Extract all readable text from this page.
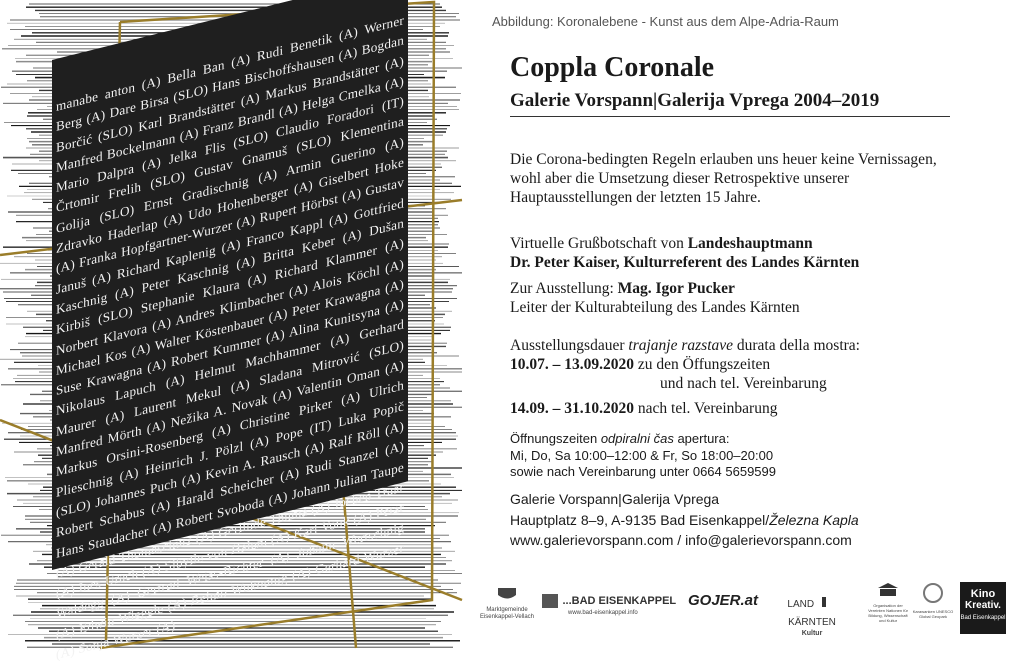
manabe anton (A) Bella Ban (A) Rudi Benetik (A) Werner Berg (A) Dare Birsa (SLO) Hans Bischoffshausen (A) Bogdan Borčić (SLO) Karl Brandstätter (A) Markus Brandstätter (A) Manfred Bockelmann (A) Franz Brandl (A) Helga Cmelka (A) Mario Dalpra (A) Jelka Flis (SLO) Claudio Foradori (IT) Črtomir Frelih (SLO) Gustav Gnamuš (SLO) Klementina Golija (SLO) Ernst Gradischnig (A) Armin Guerino (A) Zdravko Haderlap (A) Udo Hohenberger (A) Giselbert Hoke (A) Franka Hopfgartner-Wurzer (A) Rupert Hörbst (A) Gustav Januš (A) Richard Kaplenig (A) Franco Kappl (A) Gottfried Kaschnig (A) Peter Kaschnig (A) Britta Keber (A) Dušan Kirbiš (SLO) Stephanie Klaura (A) Richard Klammer (A) Norbert Klavora (A) Andres Klimbacher (A) Alois Köchl (A) Michael Kos (A) Walter Köstenbauer (A) Peter Krawagna (A) Suse Krawagna (A) Robert Kummer (A) Alina Kunitsyna (A) Nikolaus Lapuch (A) Helmut Machhammer (A) Gerhard Maurer (A) Laurent Mekul (A) Sladana Mitrović (SLO) Manfred Mörth (A) Nežika A. Novak (A) Valentin Oman (A) Markus Orsini-Rosenberg (A) Christine Pirker (A) Ulrich Plieschnig (A) Heinrich J. Pölzl (A) Pope (IT) Luka Popič (SLO) Johannes Puch (A) Kevin A. Rausch (A) Ralf Röll (A) Robert Schabus (A) Harald Scheicher (A) Rudi Stanzel (A) Hans Staudacher (A) Robert Svoboda (A) Johann Julian Taupe (A) Gerald Thomaschütz (A) Gerlinde Thuma (A) Jochen Traar (A) Ines Urach (A) Sibylle von Halem (A) Karl Vouk (A) Petar Waldegg (A) Gertrud Weiss-Richter (A) Johann Wertschnig (A) Edwin Wiegele (A) Reimo Wukounig (A) Gerhard Wurzer (A) Sonja Wurzer (A)
Abbildung: Koronalebene - Kunst aus dem Alpe-Adria-Raum
Coppla Coronale
Galerie Vorspann|Galerija Vprega 2004–2019
Die Corona-bedingten Regeln erlauben uns heuer keine Vernissagen, wohl aber die Umsetzung dieser Retrospektive unserer Hauptausstellungen der letzten 15 Jahre.
Virtuelle Grußbotschaft von Landeshauptmann
Dr. Peter Kaiser, Kulturreferent des Landes Kärnten
Zur Ausstellung: Mag. Igor Pucker
Leiter der Kulturabteilung des Landes Kärnten
Ausstellungsdauer trajanje razstave durata della mostra:
10.07. – 13.09.2020 zu den Öffungszeiten

und nach tel. Vereinbarung
14.09. – 31.10.2020 nach tel. Vereinbarung
Öffnungszeiten odpiralni čas apertura:
Mi, Do, Sa 10:00–12:00 & Fr, So 18:00–20:00
sowie nach Vereinbarung unter 0664 5659599
Galerie Vorspann|Galerija Vprega
Hauptplatz 8–9, A-9135 Bad Eisenkappel/Železna Kapla
www.galerievorspann.com / info@galerievorspann.com
Marktgemeinde Eisenkappel-Vellach
...BAD EISENKAPPEL
www.bad-eisenkappel.info
GOJER.at	LAND  KÄRNTEN
Kultur
Organisation der Vereinten Nationen für Bildung, Wissenschaft und Kultur
Karawanken UNESCO Global Geopark
Kino
Kreativ.
Bad Eisenkappel
